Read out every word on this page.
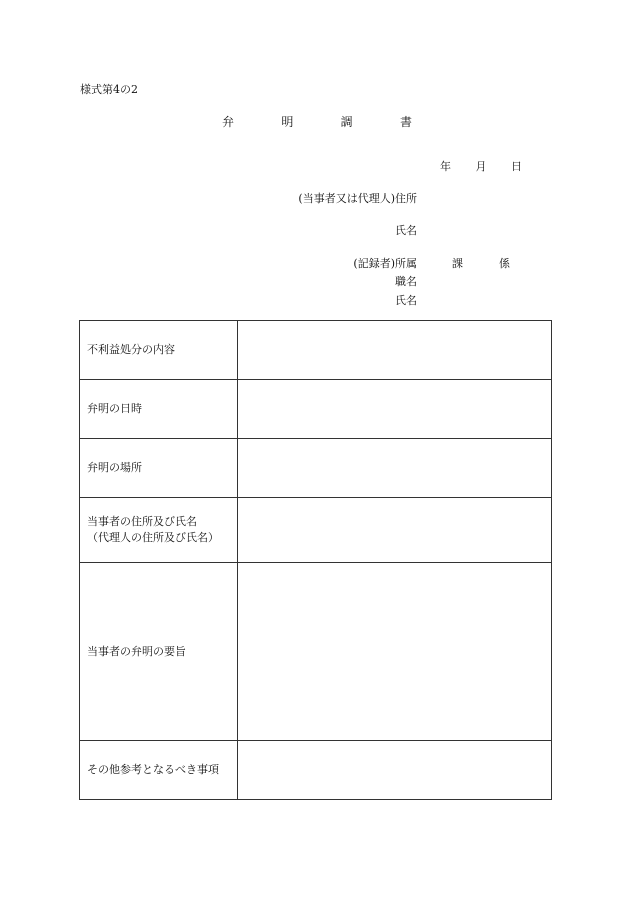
様式第4の2
弁	明	調	書
年 月 日
(当事者又は代理人)住所
氏名
(記録者)所属	課	係
職名
氏名
不利益処分の内容	

弁明の日時	

弁明の場所	

当事者の住所及び氏名
（代理人の住所及び氏名）	

当事者の弁明の要旨	

その他参考となるべき事項	
